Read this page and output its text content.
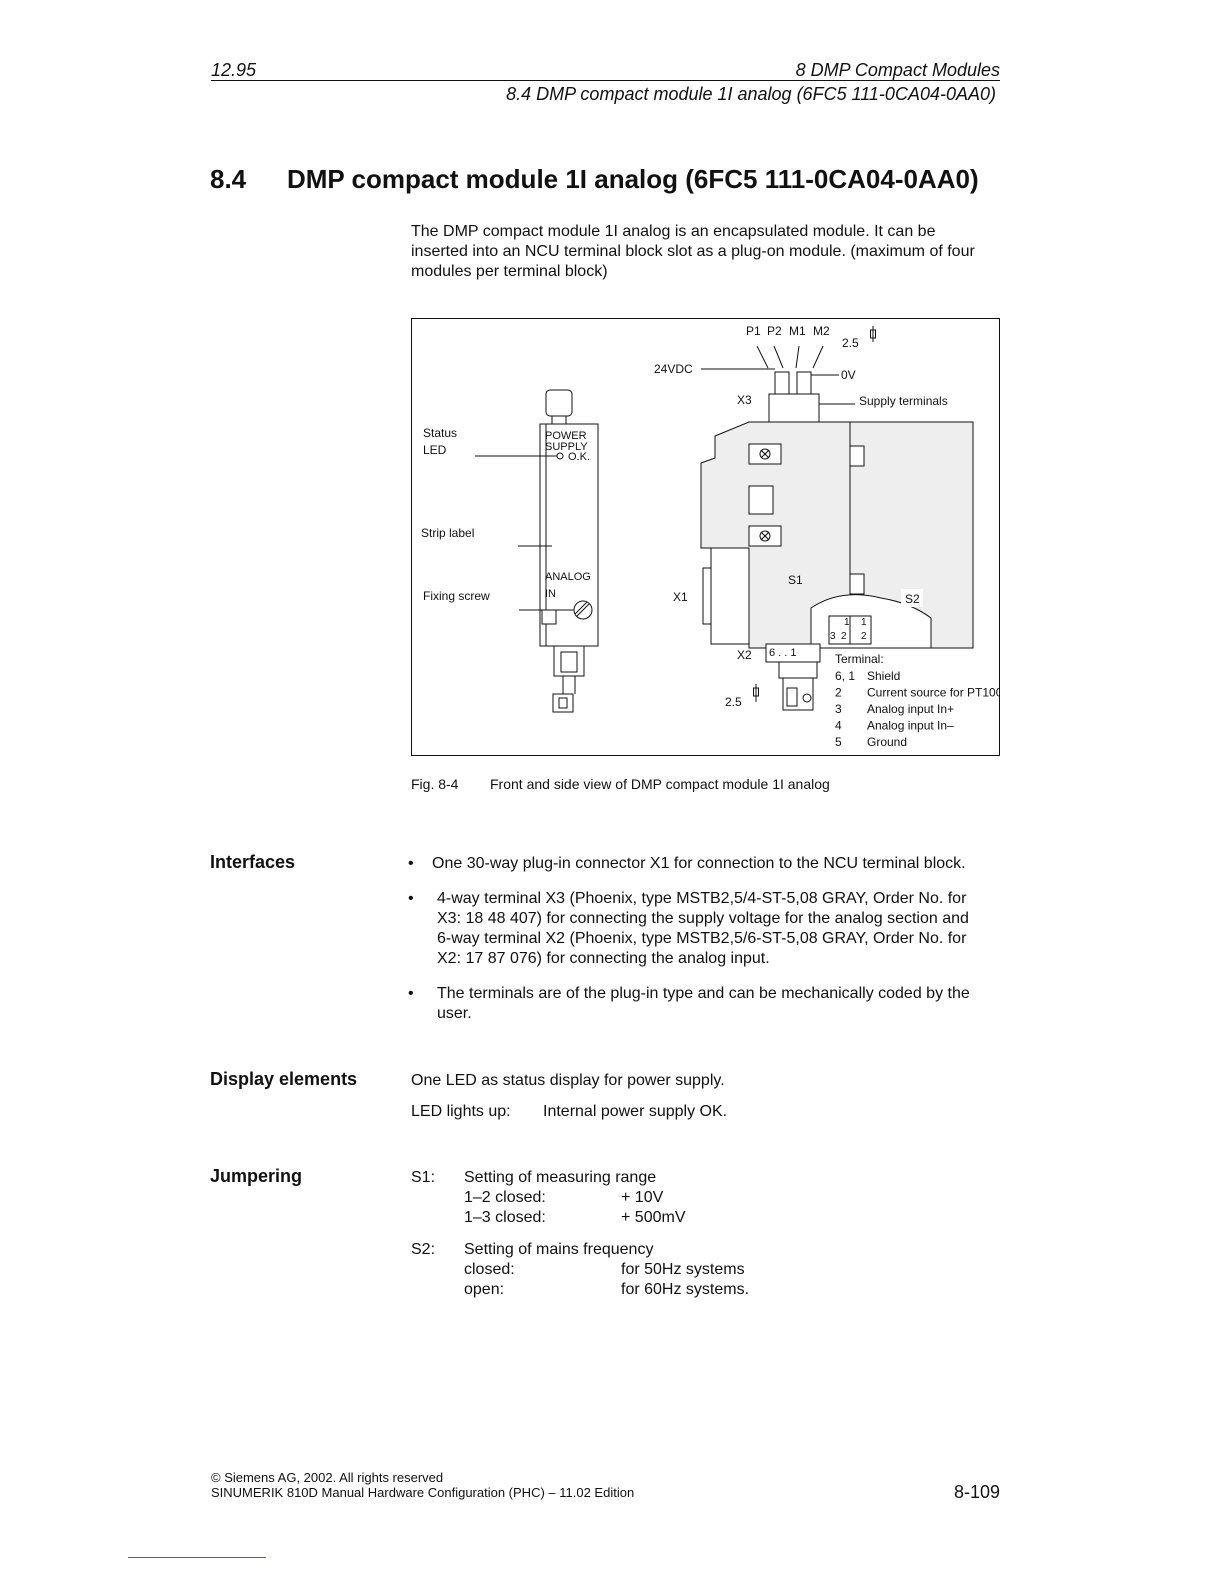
12.95	8 DMP Compact Modules
8.4 DMP compact module 1I analog (6FC5 111-0CA04-0AA0)
8.4 DMP compact module 1I analog (6FC5 111-0CA04-0AA0)
The DMP compact module 1I analog is an encapsulated module. It can be
inserted into an NCU terminal block slot as a plug-on module. (maximum of four
modules per terminal block)
P1 P2 M1 M2
2.5
24VDC	0V
X3	Supply terminals
X1
S1
S2
1 1
3 2 2
6 . . 1
X2
2.5
Terminal:
6, 1 Shield
2 Current source for PT100
3 Analog input In+
4 Analog input In–
5 Ground
POWER
SUPPLY
O.K.
ANALOG
IN
Status
LED
Strip label
Fixing screw
Fig. 8-4 Front and side view of DMP compact module 1I analog
Interfaces	• One 30-way plug-in connector X1 for connection to the NCU terminal block.
• 4-way terminal X3 (Phoenix, type MSTB2,5/4-ST-5,08 GRAY, Order No. for
X3: 18 48 407) for connecting the supply voltage for the analog section and
6-way terminal X2 (Phoenix, type MSTB2,5/6-ST-5,08 GRAY, Order No. for
X2: 17 87 076) for connecting the analog input.
• The terminals are of the plug-in type and can be mechanically coded by the
user.
Display elements	One LED as status display for power supply.
LED lights up: Internal power supply OK.
Jumpering	S1: Setting of measuring range
1–2 closed:	+ 10V
1–3 closed:	+ 500mV
S2: Setting of mains frequency
closed:	for 50Hz systems
open:	for 60Hz systems.
© Siemens AG, 2002. All rights reserved
SINUMERIK 810D Manual Hardware Configuration (PHC) – 11.02 Edition	8-109
